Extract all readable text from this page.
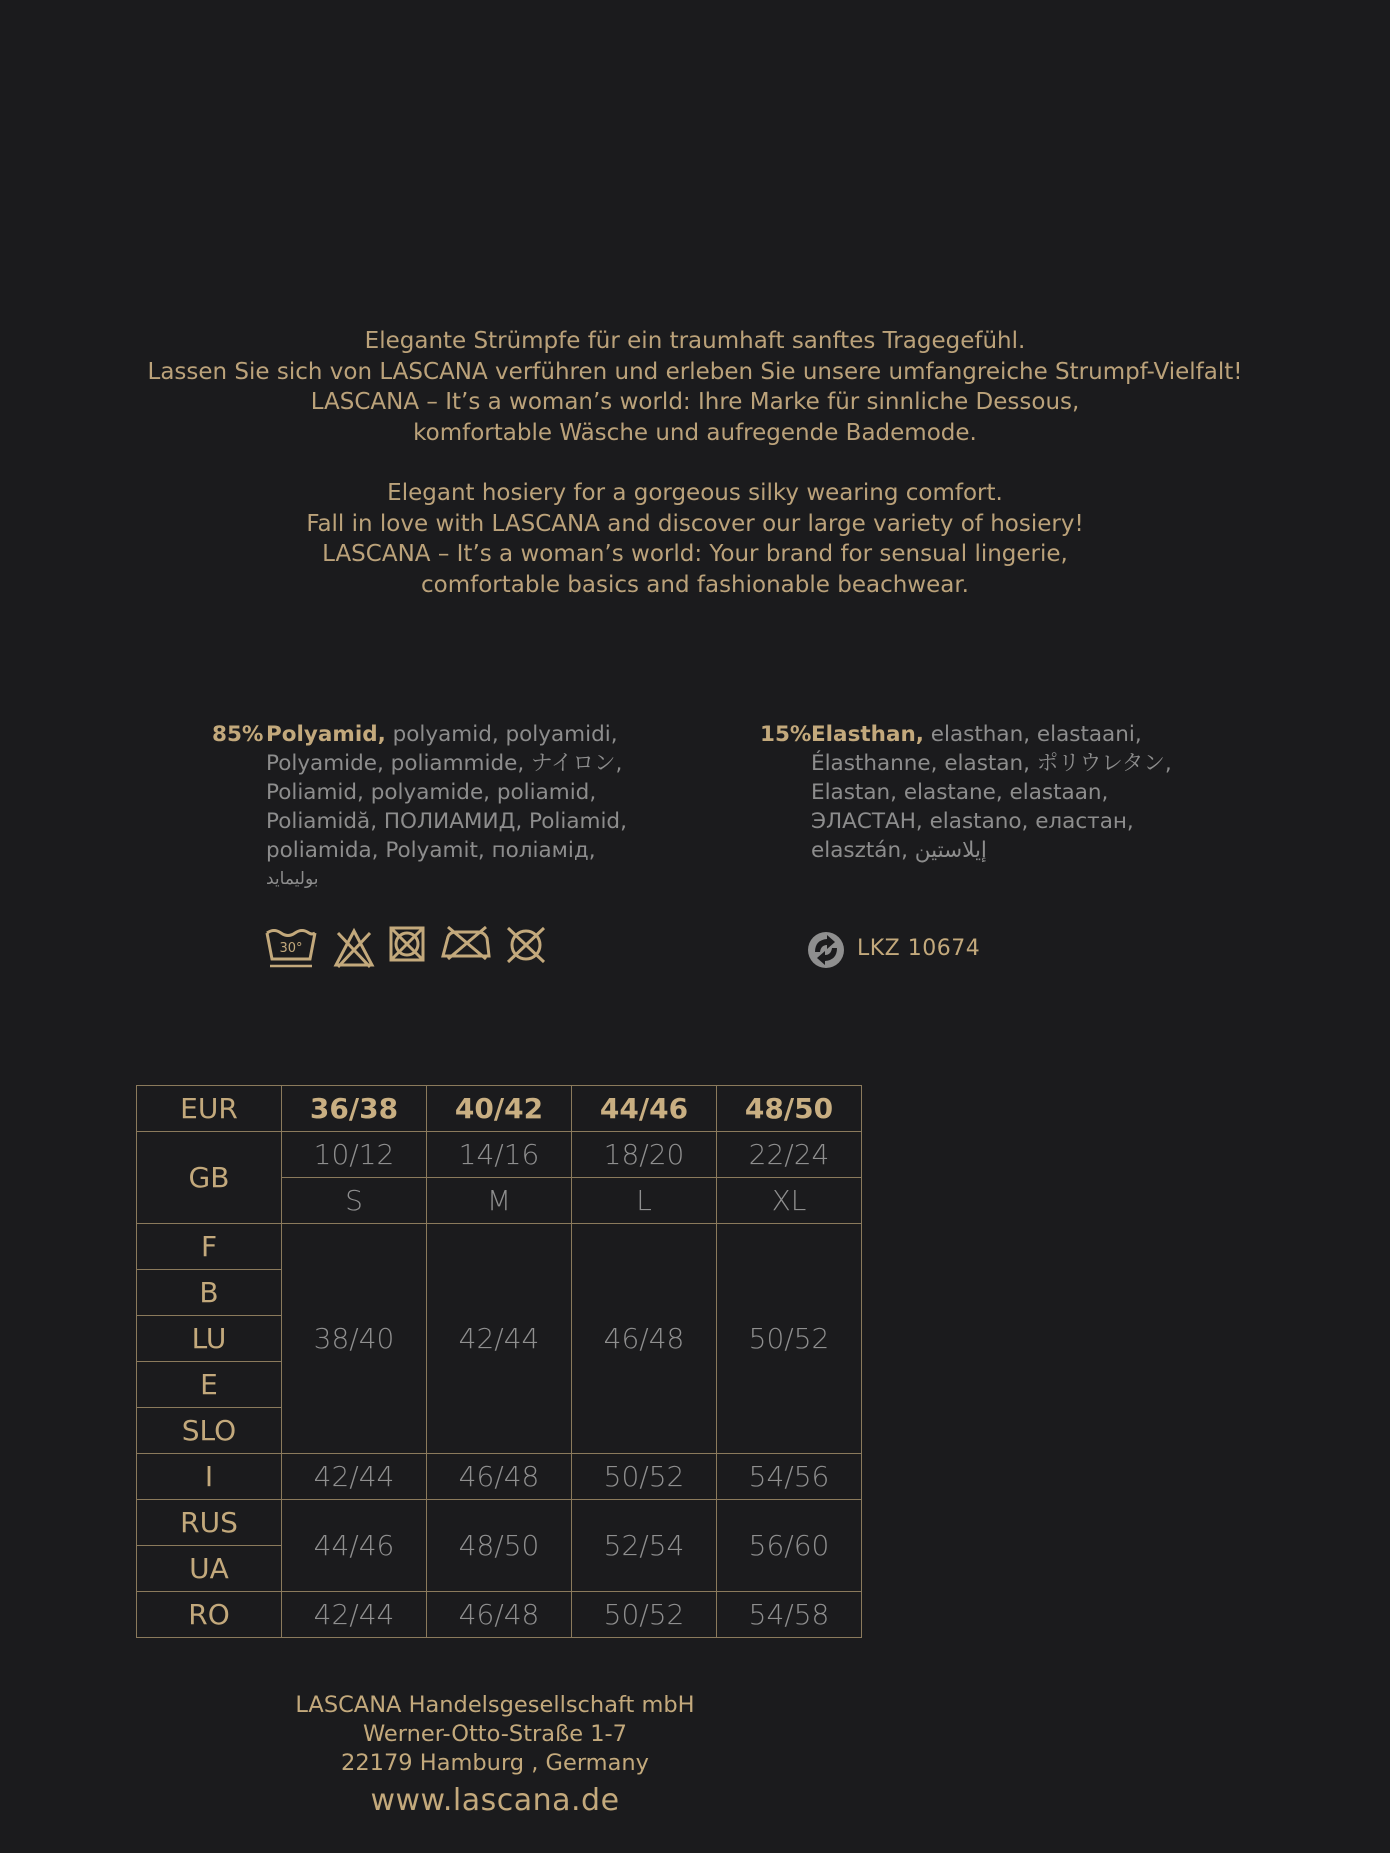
Elegante Strümpfe für ein traumhaft sanftes Tragegefühl.

Lassen Sie sich von LASCANA verführen und erleben Sie unsere umfangreiche Strumpf-Vielfalt!

LASCANA – It’s a woman’s world: Ihre Marke für sinnliche Dessous,

komfortable Wäsche und aufregende Bademode.

Elegant hosiery for a gorgeous silky wearing comfort.

Fall in love with LASCANA and discover our large variety of hosiery!

LASCANA – It’s a woman’s world: Your brand for sensual lingerie,

comfortable basics and fashionable beachwear.

85% Polyamid, polyamid, polyamidi,
Polyamide, poliammide, ナイロン,
Poliamid, polyamide, poliamid,
Poliamidă, ПОЛИАМИД, Poliamid,
poliamida, Polyamit, поліамід,
بوليمايد
15% Elasthan, elasthan, elastaani,
Élasthanne, elastan, ポリウレタン,
Elastan, elastane, elastaan,
ЭЛАСТАН, elastano, еластан,
elasztán, إيلاستين
30°	LKZ 10674
EUR	36/38	40/42	44/46	48/50
GB	10/12	14/16	18/20	22/24
	S	M	L	XL
F	38/40	42/44	46/48	50/52
B				
LU				
E				
SLO				
I	42/44	46/48	50/52	54/56
RUS	44/46	48/50	52/54	56/60
UA				
RO	42/44	46/48	50/52	54/58

LASCANA Handelsgesellschaft mbH

Werner-Otto-Straße 1-7

22179 Hamburg , Germany

www.lascana.de
